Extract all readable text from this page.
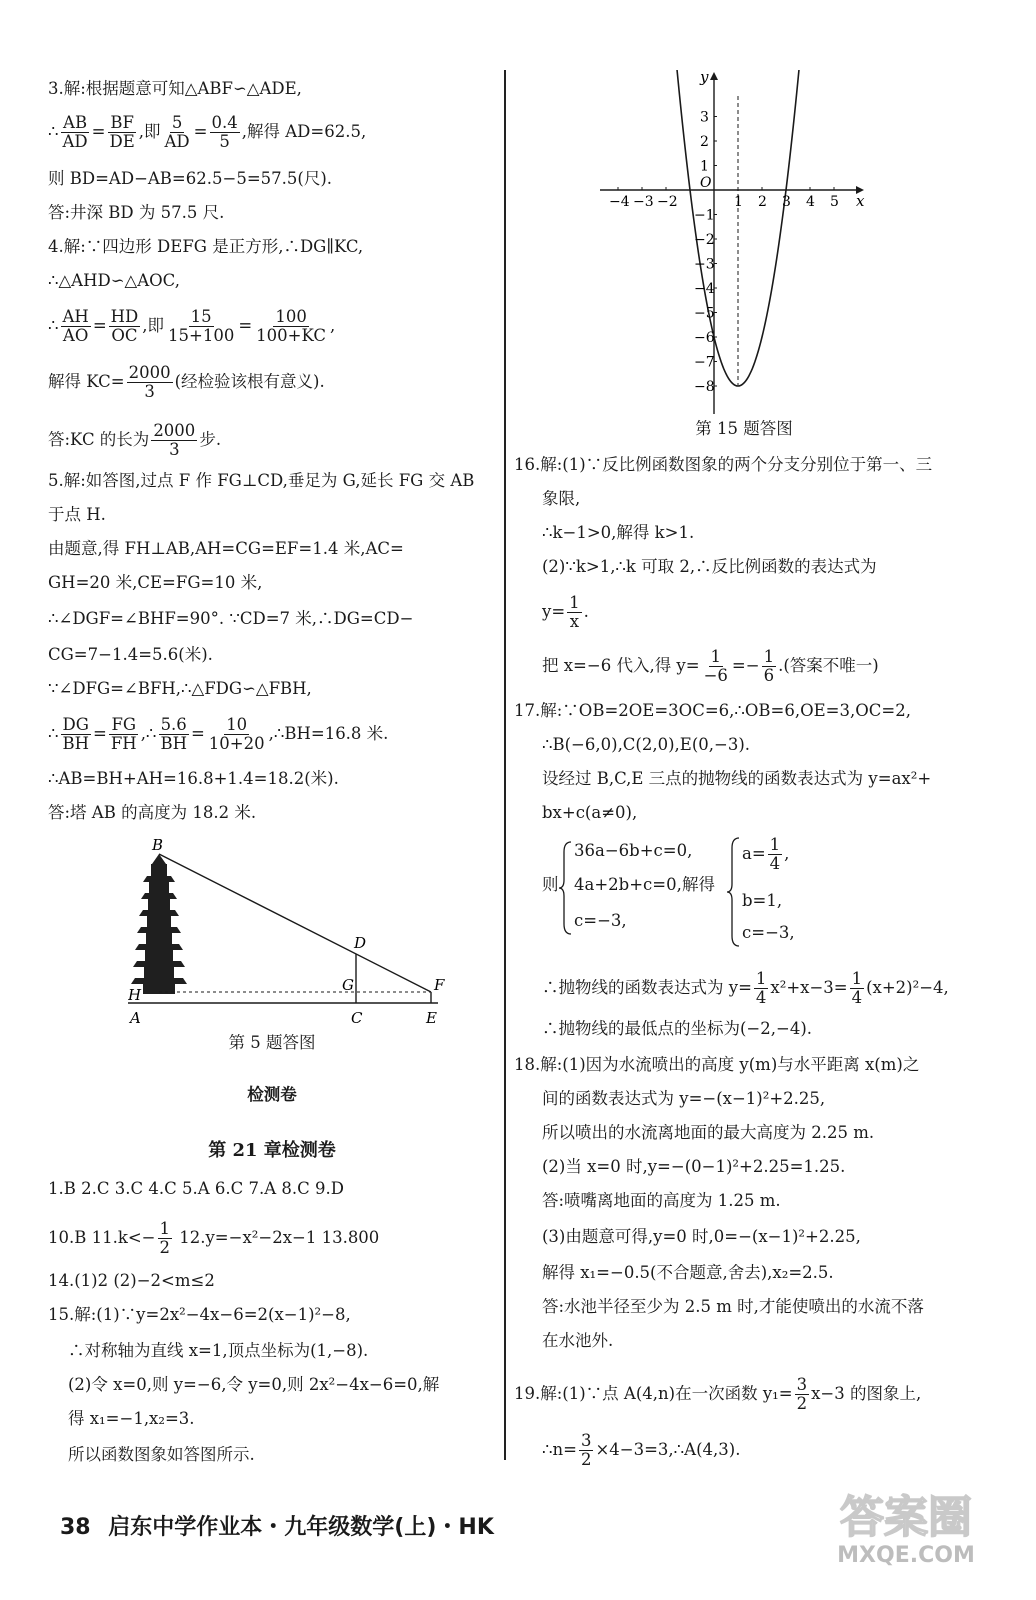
3.解:根据题意可知△ABF∽△ADE,
∴ $\frac{AB}{AD} = \frac{BF}{DE}$ ,即 $\frac{5}{AD} = \frac{0.4}{5}$ ,解得 AD=62.5,
则 BD=AD−AB=62.5−5=57.5(尺).
答:井深 BD 为 57.5 尺.
4.解:∵四边形 DEFG 是正方形,∴DG∥KC,
∴△AHD∽△AOC,
∴ $\frac{AH}{AO} = \frac{HD}{OC}$ ,即 $\frac{15}{15+100} = \frac{100}{100+KC}$ ,
解得 $KC= \frac{2000}{3}$ (经检验该根有意义).
答:KC 的长为 $\frac{2000}{3}$ 步.
5.解:如答图,过点 F 作 FG⊥CD,垂足为 G,延长 FG 交 AB
于点 H.
由题意,得 FH⊥AB,AH=CG=EF=1.4 米,AC=
GH=20 米,CE=FG=10 米,
∴∠DGF=∠BHF=90°. ∵CD=7 米,∴DG=CD−
CG=7−1.4=5.6(米).
∵∠DFG=∠BFH,∴△FDG∽△FBH,
∴ $\frac{DG}{BH} = \frac{FG}{FH}$ ,∴ $\frac{5.6}{BH} = \frac{10}{10+20}$ ,∴BH=16.8 米.
∴AB=BH+AH=16.8+1.4=18.2(米).
答:塔 AB 的高度为 18.2 米.
B
D
G	F
H
A	C	E
第 5 题答图
检测卷
第 21 章检测卷
1.B 2.C 3.C 4.C 5.A 6.C 7.A 8.C 9.D
10.B $11.k<- \frac{1}{2} 12.y=-x^2-2x-1$ 13.800
14.(1)2 (2)−2<m≤2
15.解:(1)∵y=2x²−4x−6=2(x−1)²−8,
∴对称轴为直线 x=1,顶点坐标为(1,−8).
(2)令 x=0,则 y=−6,令 y=0,则 2x²−4x−6=0,解
得 x₁=−1,x₂=3.
所以函数图象如答图所示.
−4 −3 −2	1 2 3 4 5
3
2
1
−1
−2
−3
−4
−5
−6
−7
−8
y
x
O
第 15 题答图
16.解:(1)∵反比例函数图象的两个分支分别位于第一、三
象限,
∴k−1>0,解得 k>1.
(2)∵k>1,∴k 可取 2,∴反比例函数的表达式为
$y= \frac{1}{x}$ .
把 x=−6 代入,得 $y= \frac{1}{-6} =- \frac{1}{6}$ .(答案不唯一)
17.解:∵OB=2OE=3OC=6,∴OB=6,OE=3,OC=2,
∴B(−6,0),C(2,0),E(0,−3).
设经过 B,C,E 三点的抛物线的函数表达式为 y=ax²+
bx+c(a≠0),
则
36a−6b+c=0,
4a+2b+c=0,
c=−3,
解得
$a= \frac{1}{4}$ ,
b=1,
c=−3,
∴抛物线的函数表达式为 $y= \frac{1}{4} x^2+x-3= \frac{1}{4} (x+2)^2-4$,
∴抛物线的最低点的坐标为(−2,−4).
18.解:(1)因为水流喷出的高度 y(m)与水平距离 x(m)之
间的函数表达式为 y=−(x−1)²+2.25,
所以喷出的水流离地面的最大高度为 2.25 m.
(2)当 x=0 时,y=−(0−1)²+2.25=1.25.
答:喷嘴离地面的高度为 1.25 m.
(3)由题意可得,y=0 时,0=−(x−1)²+2.25,
解得 x₁=−0.5(不合题意,舍去),x₂=2.5.
答:水池半径至少为 2.5 m 时,才能使喷出的水流不落
在水池外.
19.解:(1)∵点 A(4,n)在一次函数 $y_1= \frac{3}{2} x-3$ 的图象上,
∴n= $\frac{3}{2}$ ×4−3=3,∴A(4,3).
38 启东中学作业本・九年级数学(上)・HK	答案圈
MXQE.COM
